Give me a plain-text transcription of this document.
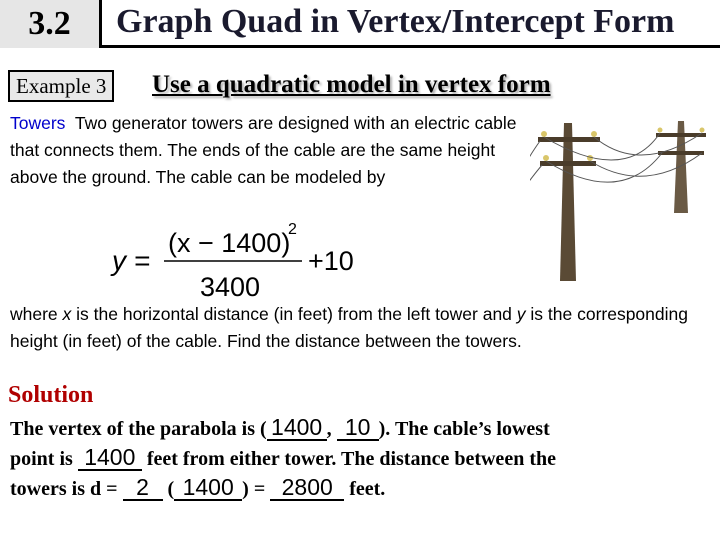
3.2	Graph Quad in Vertex/Intercept Form
Example 3	Use a quadratic model in vertex form
Towers Two generator towers are designed with an electric cable that connects them. The ends of the cable are the same height above the ground. The cable can be modeled by
y =
(x − 1400)
2
3400
+10
where x is the horizontal distance (in feet) from the left tower and y is the corresponding height (in feet) of the cable. Find the distance between the towers.
Solution
The vertex of the parabola is ( 1400 , 10 ). The cable’s lowest
point is 1400 feet from either tower. The distance between the
towers is d = 2 ( 1400 ) = 2800 feet.
